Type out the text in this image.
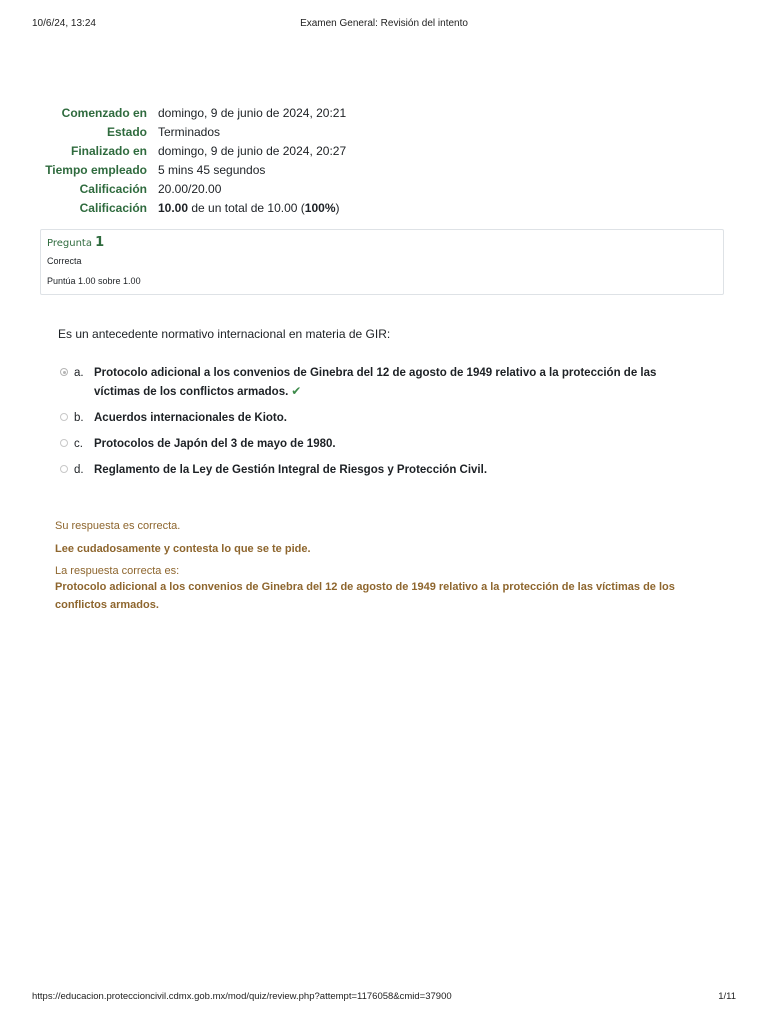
10/6/24, 13:24	Examen General: Revisión del intento
Comenzado en	domingo, 9 de junio de 2024, 20:21
Estado	Terminados
Finalizado en	domingo, 9 de junio de 2024, 20:27
Tiempo empleado	5 mins 45 segundos
Calificación	20.00/20.00
Calificación	10.00 de un total de 10.00 (100%)
Pregunta 1
Correcta
Puntúa 1.00 sobre 1.00
Es un antecedente normativo internacional en materia de GIR:
a. Protocolo adicional a los convenios de Ginebra del 12 de agosto de 1949 relativo a la protección de las víctimas de los conflictos armados. ✔
b. Acuerdos internacionales de Kioto.
c. Protocolos de Japón del 3 de mayo de 1980.
d. Reglamento de la Ley de Gestión Integral de Riesgos y Protección Civil.
Su respuesta es correcta.
Lee cudadosamente y contesta lo que se te pide.
La respuesta correcta es:
Protocolo adicional a los convenios de Ginebra del 12 de agosto de 1949 relativo a la protección de las víctimas de los conflictos armados.
https://educacion.proteccioncivil.cdmx.gob.mx/mod/quiz/review.php?attempt=1176058&cmid=37900	1/11
